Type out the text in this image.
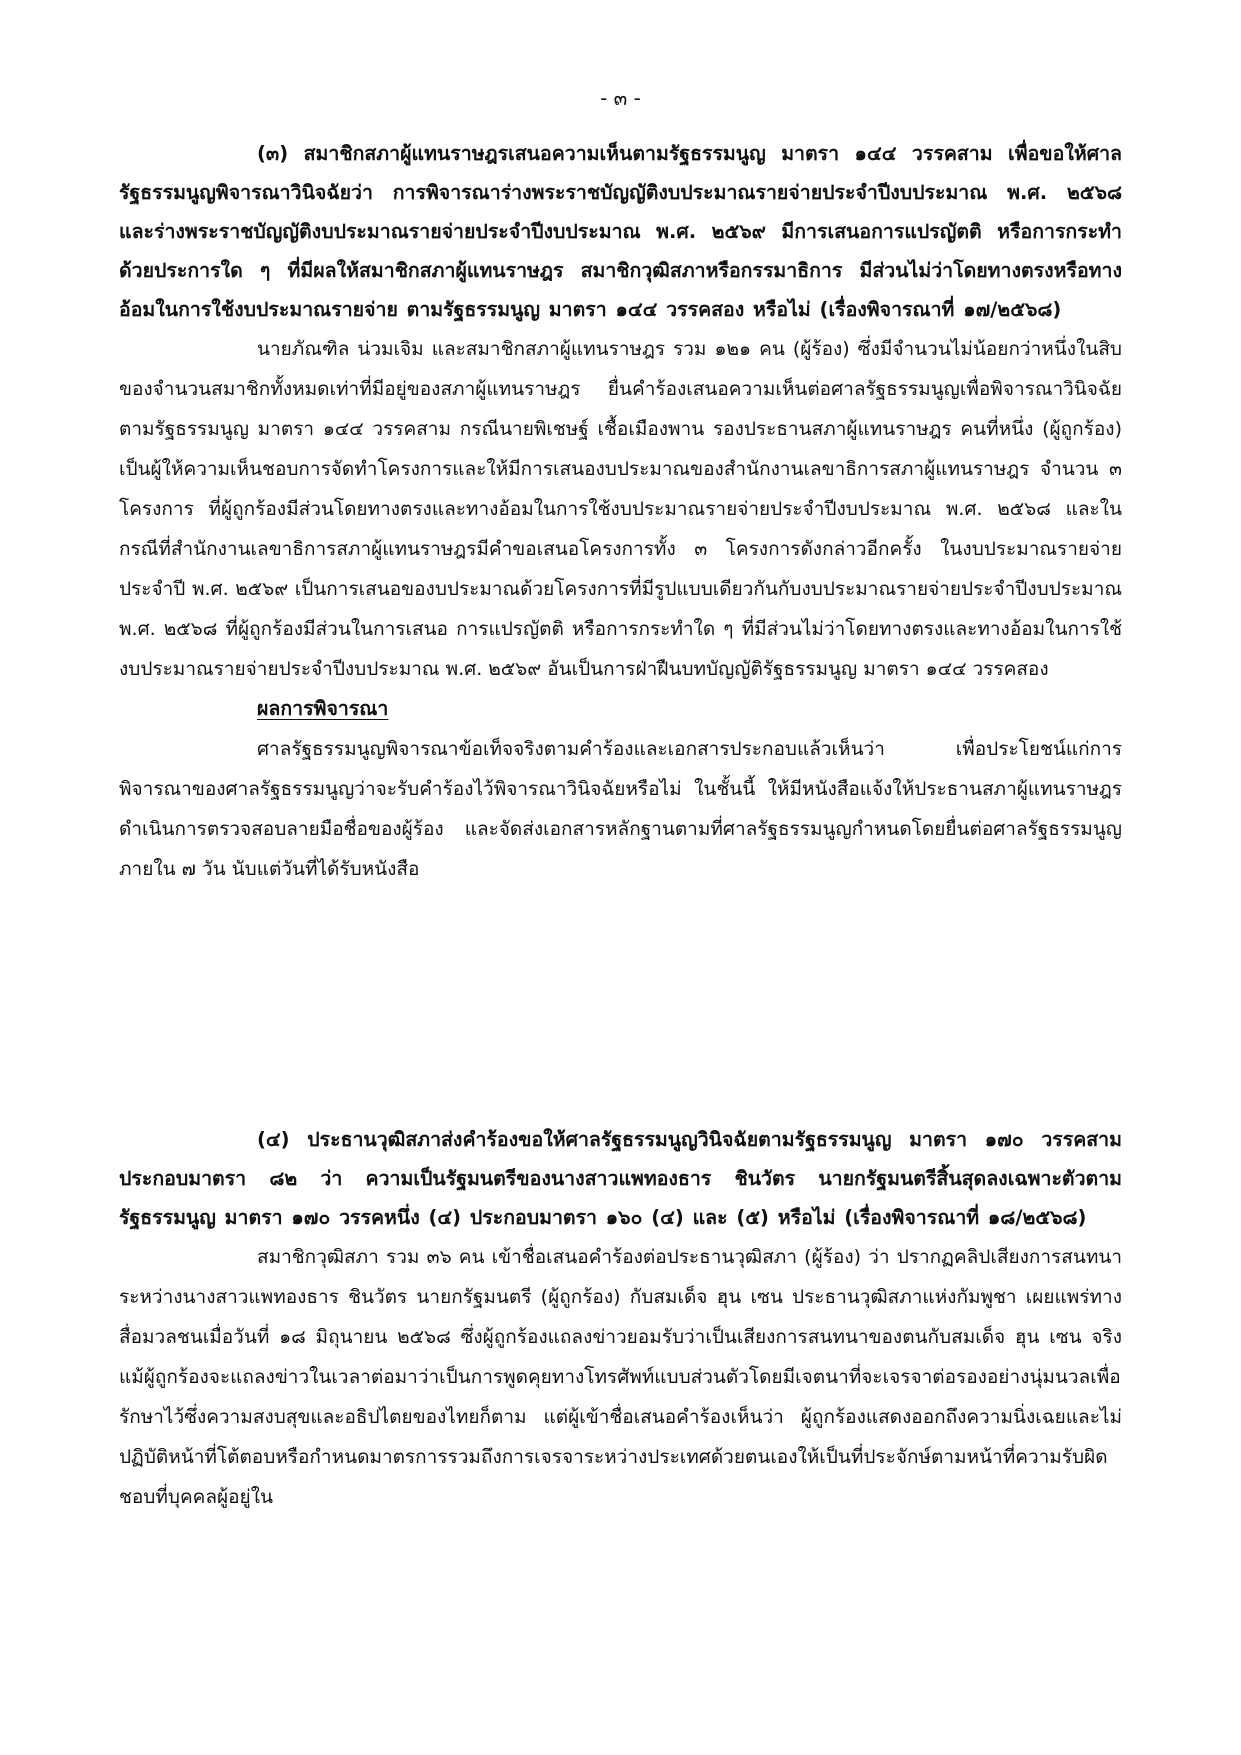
- ๓ -

(๓) สมาชิกสภาผู้แทนราษฎรเสนอความเห็นตามรัฐธรรมนูญ มาตรา ๑๔๔ วรรคสาม เพื่อขอให้ศาลรัฐธรรมนูญพิจารณาวินิจฉัยว่า การพิจารณาร่างพระราชบัญญัติงบประมาณรายจ่ายประจำปีงบประมาณ พ.ศ. ๒๕๖๘ และร่างพระราชบัญญัติงบประมาณรายจ่ายประจำปีงบประมาณ พ.ศ. ๒๕๖๙ มีการเสนอการแปรญัตติ หรือการกระทำด้วยประการใด ๆ ที่มีผลให้สมาชิกสภาผู้แทนราษฎร สมาชิกวุฒิสภาหรือกรรมาธิการ มีส่วนไม่ว่าโดยทางตรงหรือทางอ้อมในการใช้งบประมาณรายจ่าย ตามรัฐธรรมนูญ มาตรา ๑๔๔ วรรคสอง หรือไม่ (เรื่องพิจารณาที่ ๑๗/๒๕๖๘)

นายภัณฑิล น่วมเจิม และสมาชิกสภาผู้แทนราษฎร รวม ๑๒๑ คน (ผู้ร้อง) ซึ่งมีจำนวนไม่น้อยกว่าหนึ่งในสิบของจำนวนสมาชิกทั้งหมดเท่าที่มีอยู่ของสภาผู้แทนราษฎร ยื่นคำร้องเสนอความเห็นต่อศาลรัฐธรรมนูญเพื่อพิจารณาวินิจฉัยตามรัฐธรรมนูญ มาตรา ๑๔๔ วรรคสาม กรณีนายพิเชษฐ์ เชื้อเมืองพาน รองประธานสภาผู้แทนราษฎร คนที่หนึ่ง (ผู้ถูกร้อง) เป็นผู้ให้ความเห็นชอบการจัดทำโครงการและให้มีการเสนองบประมาณของสำนักงานเลขาธิการสภาผู้แทนราษฎร จำนวน ๓ โครงการ ที่ผู้ถูกร้องมีส่วนโดยทางตรงและทางอ้อมในการใช้งบประมาณรายจ่ายประจำปีงบประมาณ พ.ศ. ๒๕๖๘ และในกรณีที่สำนักงานเลขาธิการสภาผู้แทนราษฎรมีคำขอเสนอโครงการทั้ง ๓ โครงการดังกล่าวอีกครั้ง ในงบประมาณรายจ่ายประจำปี พ.ศ. ๒๕๖๙ เป็นการเสนอของบประมาณด้วยโครงการที่มีรูปแบบเดียวกันกับงบประมาณรายจ่ายประจำปีงบประมาณ พ.ศ. ๒๕๖๘ ที่ผู้ถูกร้องมีส่วนในการเสนอ การแปรญัตติ หรือการกระทำใด ๆ ที่มีส่วนไม่ว่าโดยทางตรงและทางอ้อมในการใช้งบประมาณรายจ่ายประจำปีงบประมาณ พ.ศ. ๒๕๖๙ อันเป็นการฝ่าฝืนบทบัญญัติรัฐธรรมนูญ มาตรา ๑๔๔ วรรคสอง

ผลการพิจารณา

ศาลรัฐธรรมนูญพิจารณาข้อเท็จจริงตามคำร้องและเอกสารประกอบแล้วเห็นว่า เพื่อประโยชน์แก่การพิจารณาของศาลรัฐธรรมนูญว่าจะรับคำร้องไว้พิจารณาวินิจฉัยหรือไม่ ในชั้นนี้ ให้มีหนังสือแจ้งให้ประธานสภาผู้แทนราษฎรดำเนินการตรวจสอบลายมือชื่อของผู้ร้อง และจัดส่งเอกสารหลักฐานตามที่ศาลรัฐธรรมนูญกำหนดโดยยื่นต่อศาลรัฐธรรมนูญภายใน ๗ วัน นับแต่วันที่ได้รับหนังสือ

(๔) ประธานวุฒิสภาส่งคำร้องขอให้ศาลรัฐธรรมนูญวินิจฉัยตามรัฐธรรมนูญ มาตรา ๑๗๐ วรรคสาม ประกอบมาตรา ๘๒ ว่า ความเป็นรัฐมนตรีของนางสาวแพทองธาร ชินวัตร นายกรัฐมนตรีสิ้นสุดลงเฉพาะตัวตามรัฐธรรมนูญ มาตรา ๑๗๐ วรรคหนึ่ง (๔) ประกอบมาตรา ๑๖๐ (๔) และ (๕) หรือไม่ (เรื่องพิจารณาที่ ๑๘/๒๕๖๘)

สมาชิกวุฒิสภา รวม ๓๖ คน เข้าชื่อเสนอคำร้องต่อประธานวุฒิสภา (ผู้ร้อง) ว่า ปรากฏคลิปเสียงการสนทนาระหว่างนางสาวแพทองธาร ชินวัตร นายกรัฐมนตรี (ผู้ถูกร้อง) กับสมเด็จ ฮุน เซน ประธานวุฒิสภาแห่งกัมพูชา เผยแพร่ทางสื่อมวลชนเมื่อวันที่ ๑๘ มิถุนายน ๒๕๖๘ ซึ่งผู้ถูกร้องแถลงข่าวยอมรับว่าเป็นเสียงการสนทนาของตนกับสมเด็จ ฮุน เซน จริง แม้ผู้ถูกร้องจะแถลงข่าวในเวลาต่อมาว่าเป็นการพูดคุยทางโทรศัพท์แบบส่วนตัวโดยมีเจตนาที่จะเจรจาต่อรองอย่างนุ่มนวลเพื่อรักษาไว้ซึ่งความสงบสุขและอธิปไตยของไทยก็ตาม แต่ผู้เข้าชื่อเสนอคำร้องเห็นว่า ผู้ถูกร้องแสดงออกถึงความนิ่งเฉยและไม่ปฏิบัติหน้าที่โต้ตอบหรือกำหนดมาตรการรวมถึงการเจรจาระหว่างประเทศด้วยตนเองให้เป็นที่ประจักษ์ตามหน้าที่ความรับผิดชอบที่บุคคลผู้อยู่ใน
